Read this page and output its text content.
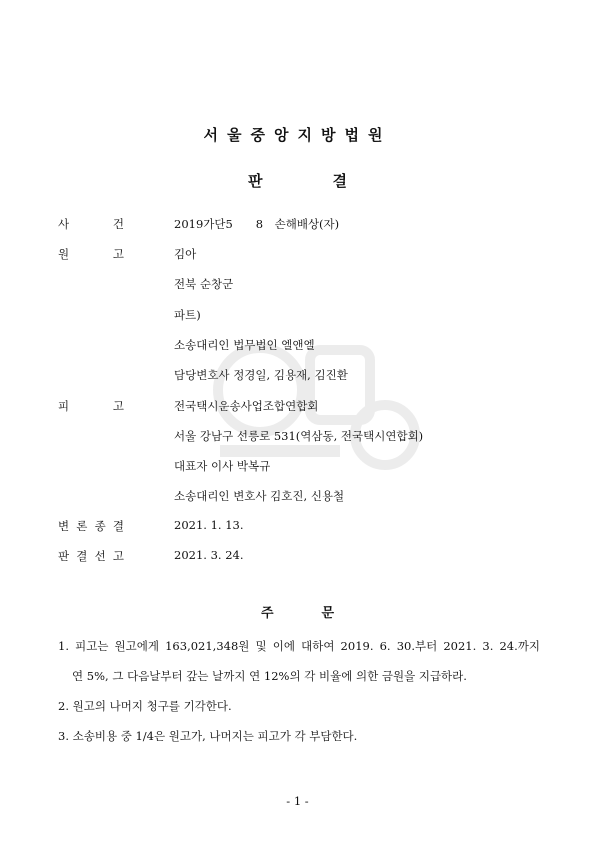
서울중앙지방법원
판	결
사	건	2019가단5　　8　손해배상(자)
원	고	김아
전북 순창군
파트)
소송대리인 법무법인 엘앤엘
담당변호사 정경일, 김용재, 김진환
피	고	전국택시운송사업조합연합회
서울 강남구 선릉로 531(역삼동, 전국택시연합회)
대표자 이사 박복규
소송대리인 변호사 김호진, 신용철
변 론 종 결	2021. 1. 13.
판 결 선 고	2021. 3. 24.
주	문
1. 피고는 원고에게 163,021,348원 및 이에 대하여 2019. 6. 30.부터 2021. 3. 24.까지
연 5%, 그 다음날부터 갚는 날까지 연 12%의 각 비율에 의한 금원을 지급하라.
2. 원고의 나머지 청구를 기각한다.
3. 소송비용 중 1/4은 원고가, 나머지는 피고가 각 부담한다.
- 1 -
